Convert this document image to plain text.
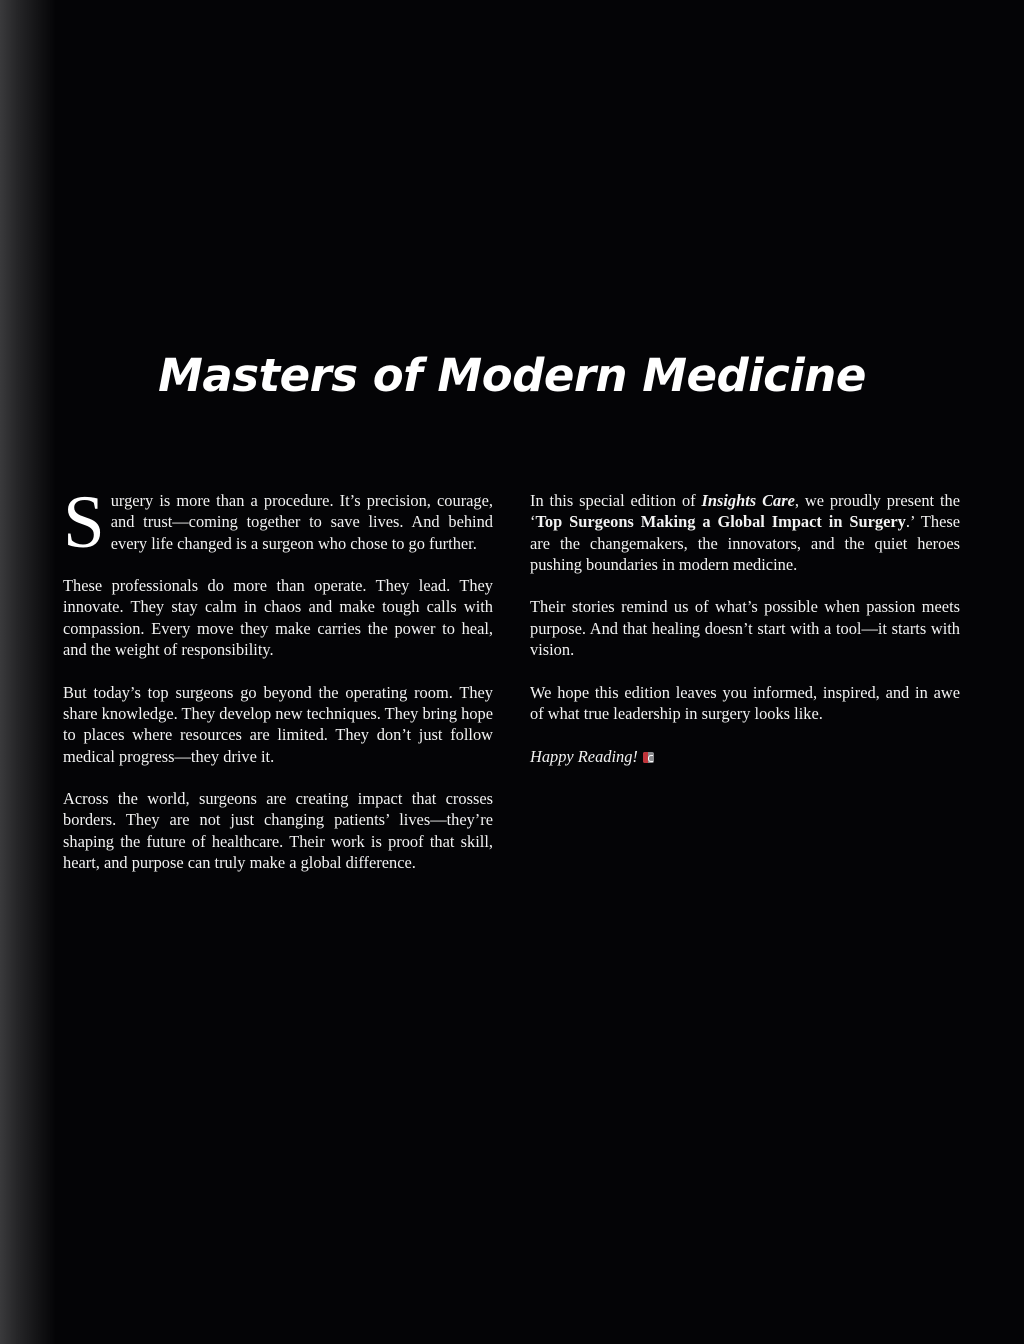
Masters of Modern Medicine

Surgery is more than a procedure. It’s precision, courage, and trust—coming together to save lives. And behind every life changed is a surgeon who chose to go further.

These professionals do more than operate. They lead. They innovate. They stay calm in chaos and make tough calls with compassion. Every move they make carries the power to heal, and the weight of responsibility.

But today’s top surgeons go beyond the operating room. They share knowledge. They develop new techniques. They bring hope to places where resources are limited. They don’t just follow medical progress—they drive it.

Across the world, surgeons are creating impact that crosses borders. They are not just changing patients’ lives—they’re shaping the future of healthcare. Their work is proof that skill, heart, and purpose can truly make a global difference.

In this special edition of Insights Care, we proudly present the ‘Top Surgeons Making a Global Impact in Surgery.’ These are the changemakers, the innovators, and the quiet heroes pushing boundaries in modern medicine.

Their stories remind us of what’s possible when passion meets purpose. And that healing doesn’t start with a tool—it starts with vision.

We hope this edition leaves you informed, inspired, and in awe of what true leadership in surgery looks like.

Happy Reading!
